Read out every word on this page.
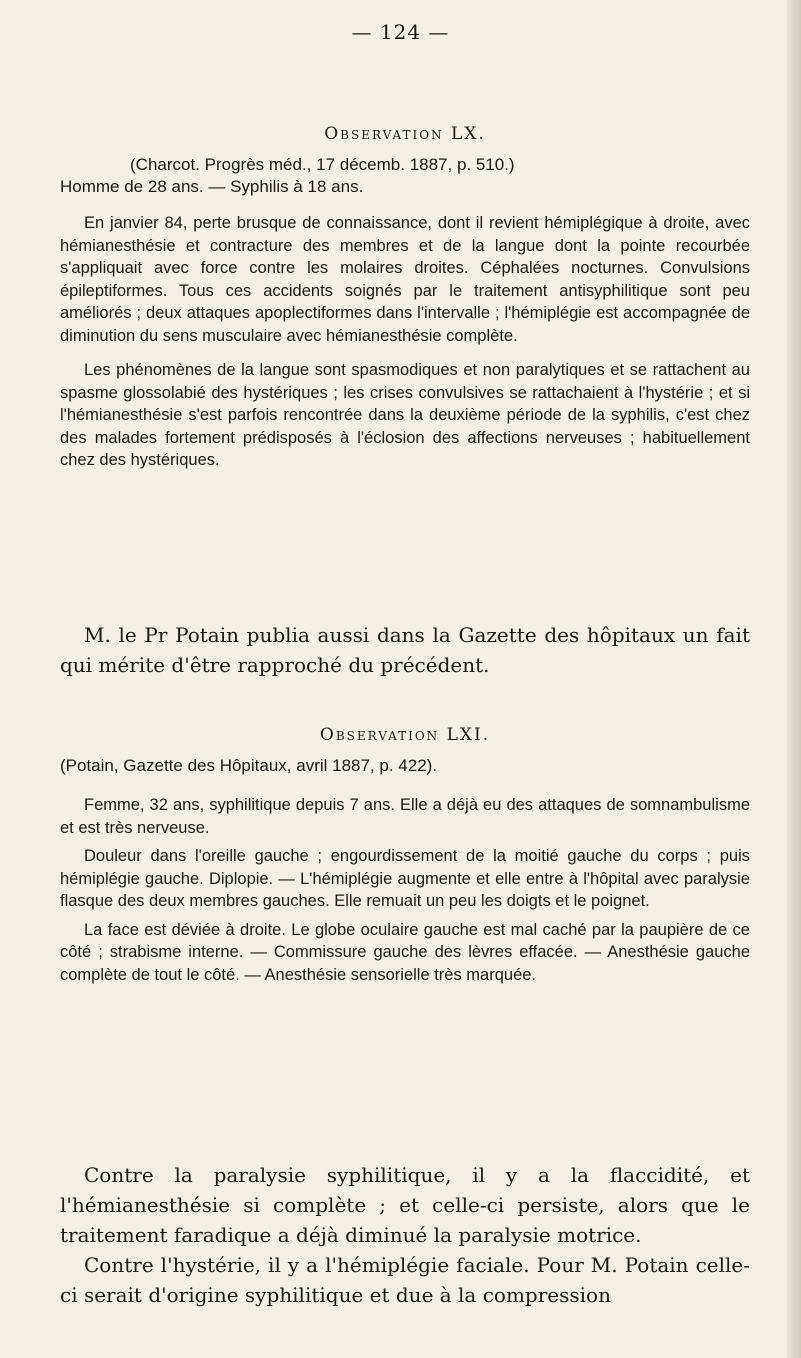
— 124 —
Observation LX.
(Charcot. Progrès méd., 17 décemb. 1887, p. 510.)
Homme de 28 ans. — Syphilis à 18 ans.

En janvier 84, perte brusque de connaissance, dont il revient hémiplégique à droite, avec hémianesthésie et contracture des membres et de la langue dont la pointe recourbée s'appliquait avec force contre les molaires droites. Céphalées nocturnes. Convulsions épileptiformes. Tous ces accidents soignés par le traitement antisyphilitique sont peu améliorés ; deux attaques apoplectiformes dans l'intervalle ; l'hémiplégie est accompagnée de diminution du sens musculaire avec hémianesthésie complète.

Les phénomènes de la langue sont spasmodiques et non paralytiques et se rattachent au spasme glossolabié des hystériques ; les crises convulsives se rattachaient à l'hystérie ; et si l'hémianesthésie s'est parfois rencontrée dans la deuxième période de la syphilis, c'est chez des malades fortement prédisposés à l'éclosion des affections nerveuses ; habituellement chez des hystériques.

M. le Pr Potain publia aussi dans la Gazette des hôpitaux un fait qui mérite d'être rapproché du précédent.

Observation LXI.
(Potain, Gazette des Hôpitaux, avril 1887, p. 422).

Femme, 32 ans, syphilitique depuis 7 ans. Elle a déjà eu des attaques de somnambulisme et est très nerveuse.

Douleur dans l'oreille gauche ; engourdissement de la moitié gauche du corps ; puis hémiplégie gauche. Diplopie. — L'hémiplégie augmente et elle entre à l'hôpital avec paralysie flasque des deux membres gauches. Elle remuait un peu les doigts et le poignet.

La face est déviée à droite. Le globe oculaire gauche est mal caché par la paupière de ce côté ; strabisme interne. — Commissure gauche des lèvres effacée. — Anesthésie gauche complète de tout le côté. — Anesthésie sensorielle très marquée.

Contre la paralysie syphilitique, il y a la flaccidité, et l'hémianesthésie si complète ; et celle-ci persiste, alors que le traitement faradique a déjà diminué la paralysie motrice.

Contre l'hystérie, il y a l'hémiplégie faciale. Pour M. Potain celle-ci serait d'origine syphilitique et due à la compression
